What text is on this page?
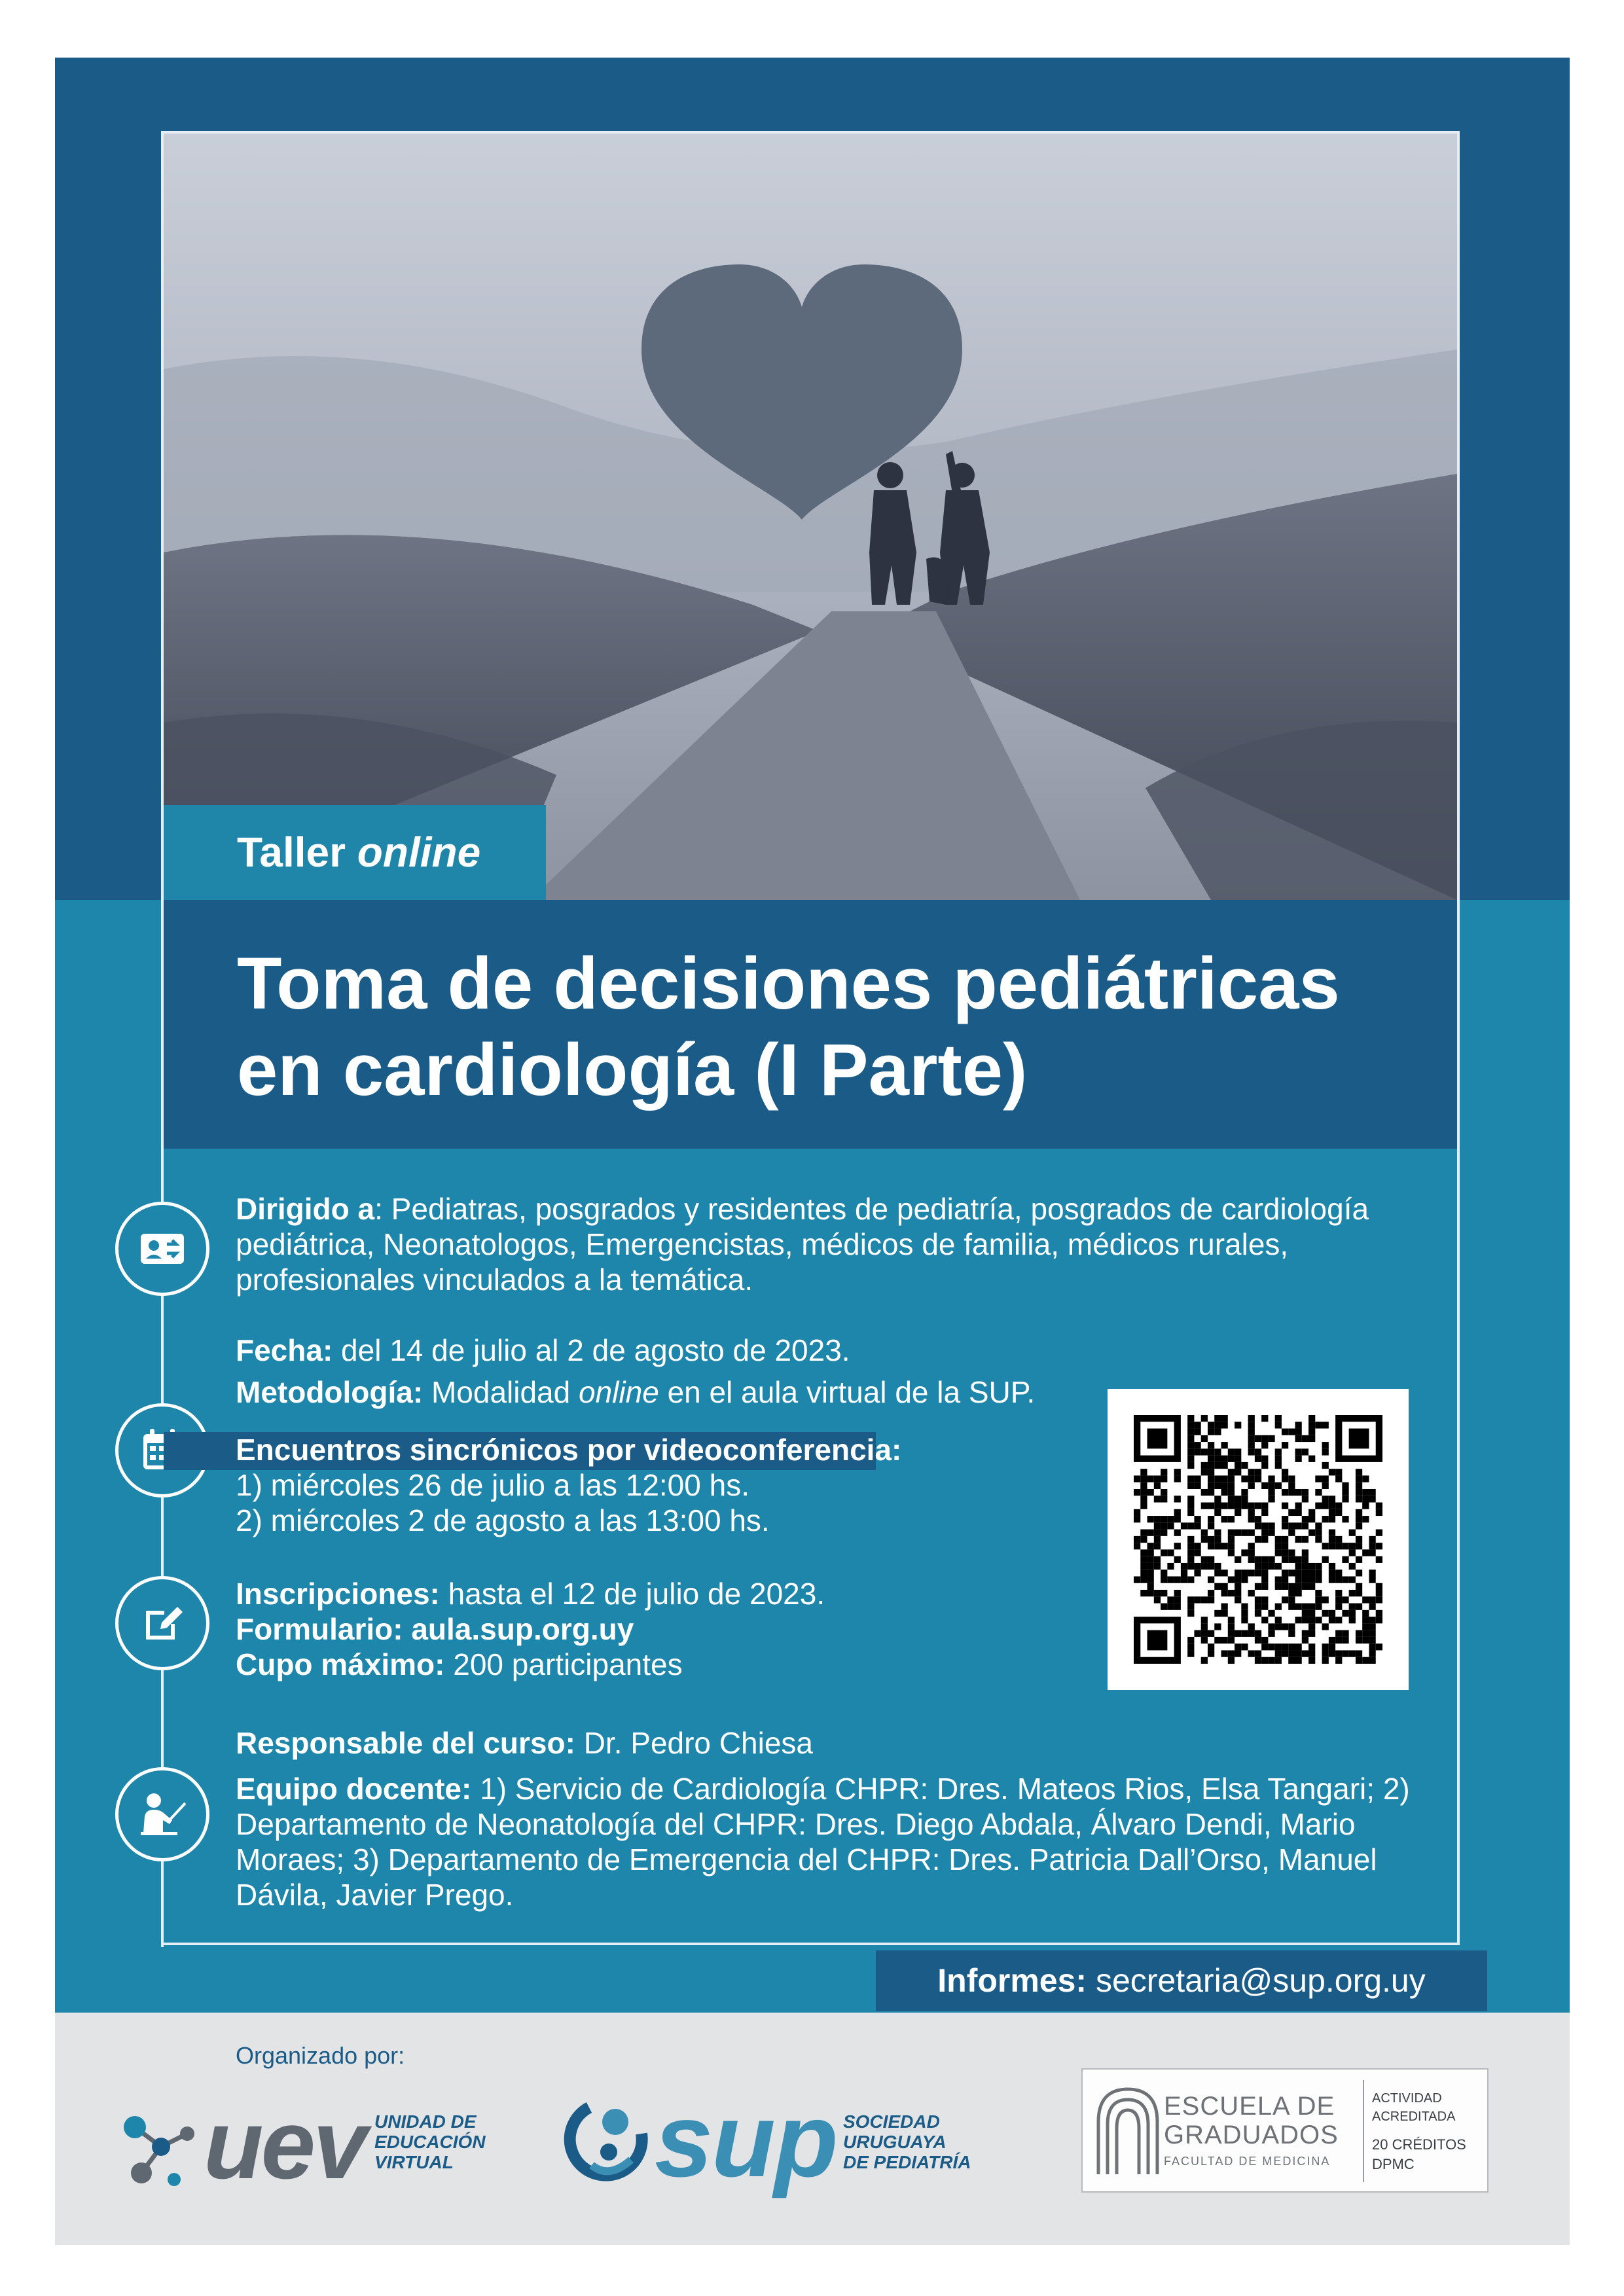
Taller online
Toma de decisiones pediátricas
en cardiología (I Parte)

Dirigido a: Pediatras, posgrados y residentes de pediatría, posgrados de cardiología pediátrica, Neonatologos, Emergencistas, médicos de familia, médicos rurales, profesionales vinculados a la temática.

Fecha: del 14 de julio al 2 de agosto de 2023.

Metodología: Modalidad online en el aula virtual de la SUP.

Encuentros sincrónicos por videoconferencia:

1) miércoles 26 de julio a las 12:00 hs.

2) miércoles 2 de agosto a las 13:00 hs.

Inscripciones: hasta el 12 de julio de 2023.

Formulario: aula.sup.org.uy

Cupo máximo: 200 participantes

Responsable del curso: Dr. Pedro Chiesa

Equipo docente: 1) Servicio de Cardiología CHPR: Dres. Mateos Rios, Elsa Tangari; 2) Departamento de Neonatología del CHPR: Dres. Diego Abdala, Álvaro Dendi, Mario Moraes; 3) Departamento de Emergencia del CHPR: Dres. Patricia Dall’Orso, Manuel Dávila, Javier Prego.

Informes: secretaria@sup.org.uy
Organizado por:
uev UNIDAD DE
EDUCACIÓN
VIRTUAL	sup SOCIEDAD
URUGUAYA
DE PEDIATRÍA
ESCUELA DE
GRADUADOS
FACULTAD DE MEDICINA
ACTIVIDAD
ACREDITADA
20 CRÉDITOS
DPMC
